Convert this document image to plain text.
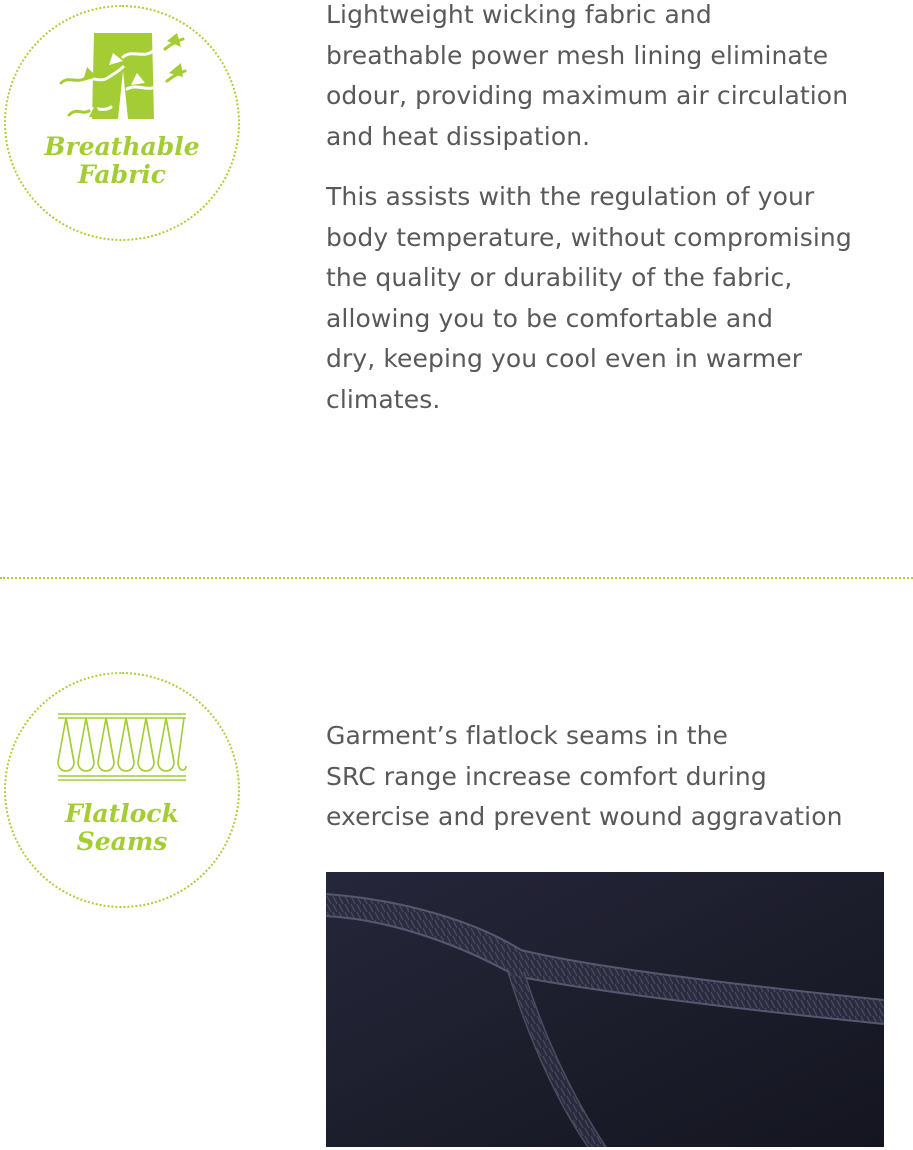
Breathable
Fabric
Lightweight wicking fabric and
breathable power mesh lining eliminate
odour, providing maximum air circulation
and heat dissipation.
This assists with the regulation of your
body temperature, without compromising
the quality or durability of the fabric,
allowing you to be comfortable and
dry, keeping you cool even in warmer
climates.
Flatlock
Seams
Garment’s flatlock seams in the
SRC range increase comfort during
exercise and prevent wound aggravation
